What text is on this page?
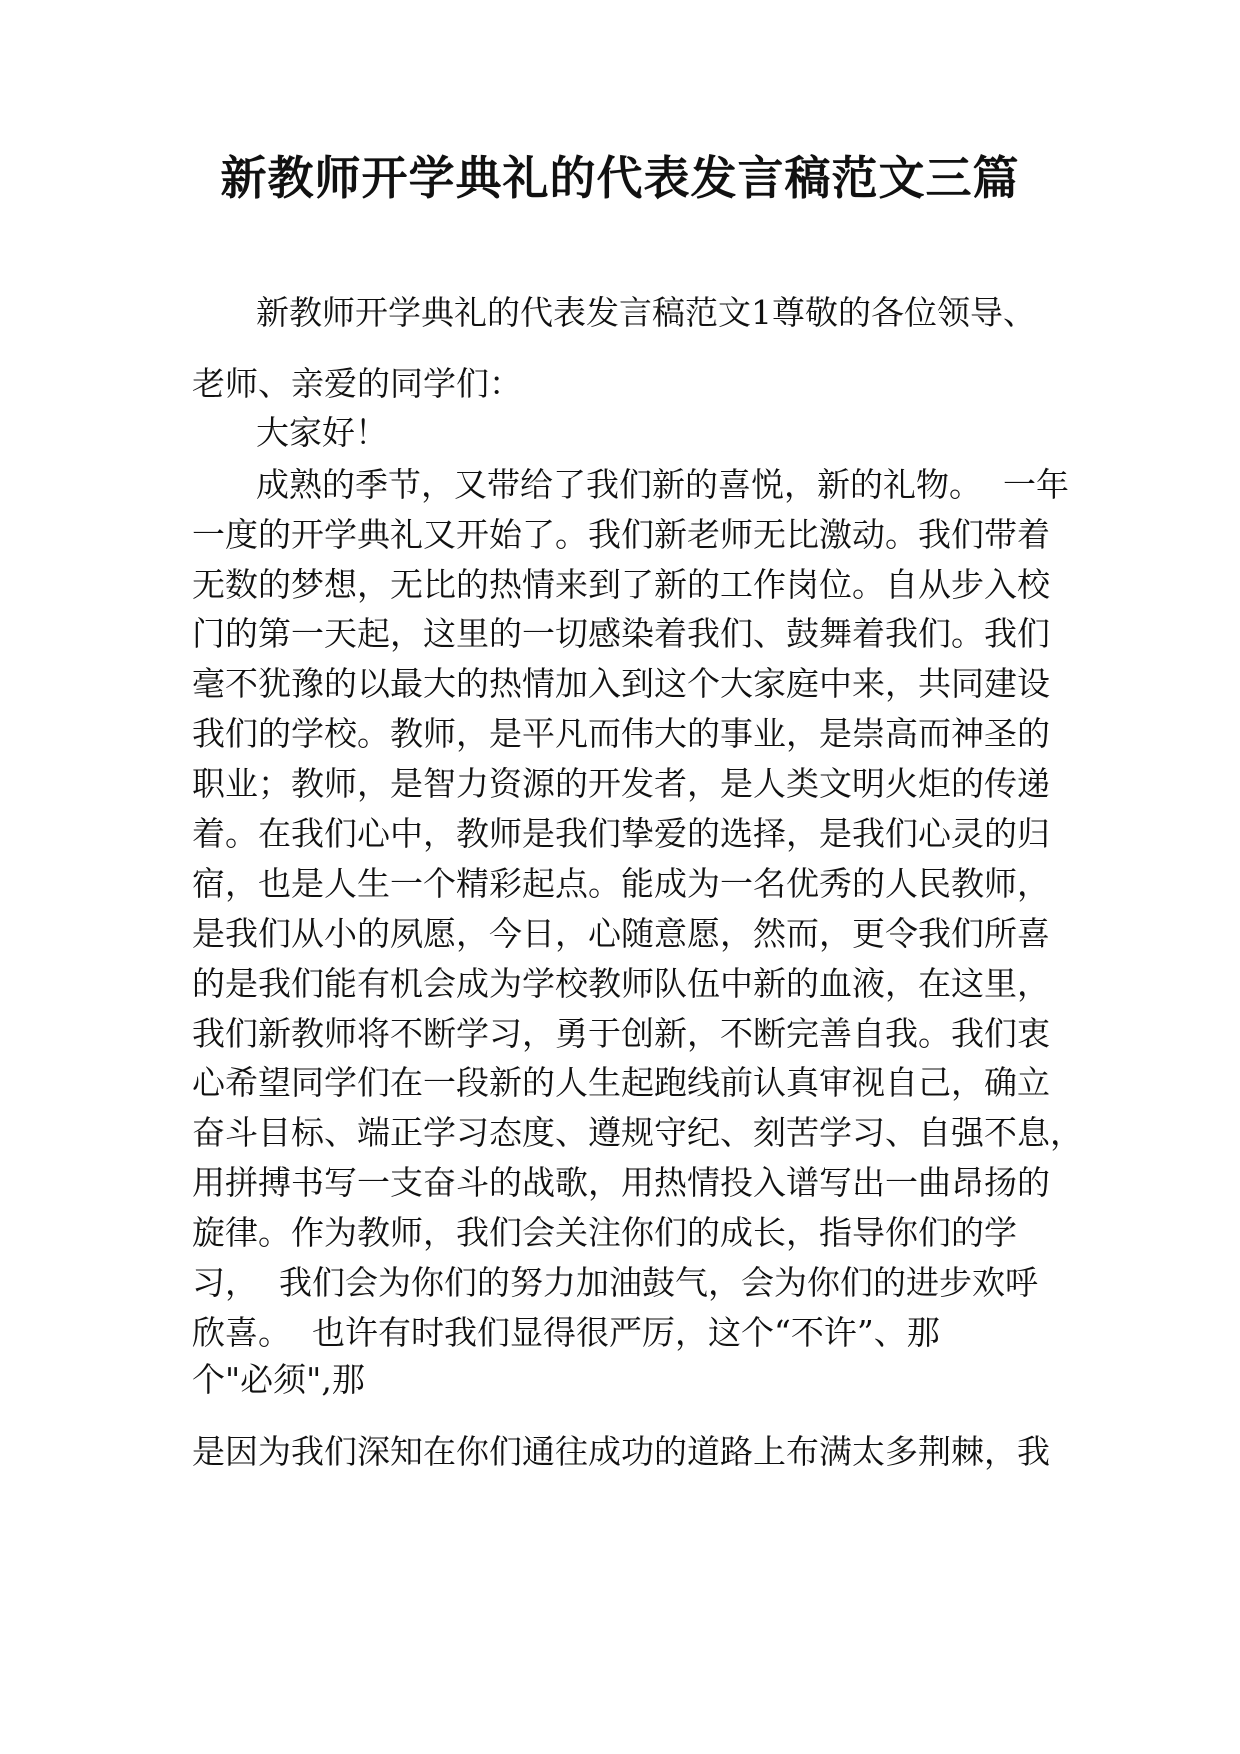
新教师开学典礼的代表发言稿范文三篇

新教师开学典礼的代表发言稿范文1尊敬的各位领导、

老师、亲爱的同学们：

大家好！

成熟的季节，又带给了我们新的喜悦，新的礼物。  一年

一度的开学典礼又开始了。我们新老师无比激动。我们带着

无数的梦想，无比的热情来到了新的工作岗位。自从步入校

门的第一天起，这里的一切感染着我们、鼓舞着我们。我们

毫不犹豫的以最大的热情加入到这个大家庭中来，共同建设

我们的学校。教师，是平凡而伟大的事业，是崇高而神圣的

职业；教师，是智力资源的开发者，是人类文明火炬的传递

着。在我们心中，教师是我们挚爱的选择，是我们心灵的归

宿，也是人生一个精彩起点。能成为一名优秀的人民教师，

是我们从小的夙愿，今日，心随意愿，然而，更令我们所喜

的是我们能有机会成为学校教师队伍中新的血液，在这里，

我们新教师将不断学习，勇于创新，不断完善自我。我们衷

心希望同学们在一段新的人生起跑线前认真审视自己，确立

奋斗目标、端正学习态度、遵规守纪、刻苦学习、自强不息，

用拼搏书写一支奋斗的战歌，用热情投入谱写出一曲昂扬的

旋律。作为教师，我们会关注你们的成长，指导你们的学

习，  我们会为你们的努力加油鼓气，会为你们的进步欢呼

欣喜。  也许有时我们显得很严厉，这个“不许”、那

个"必须",那

是因为我们深知在你们通往成功的道路上布满太多荆棘，我
